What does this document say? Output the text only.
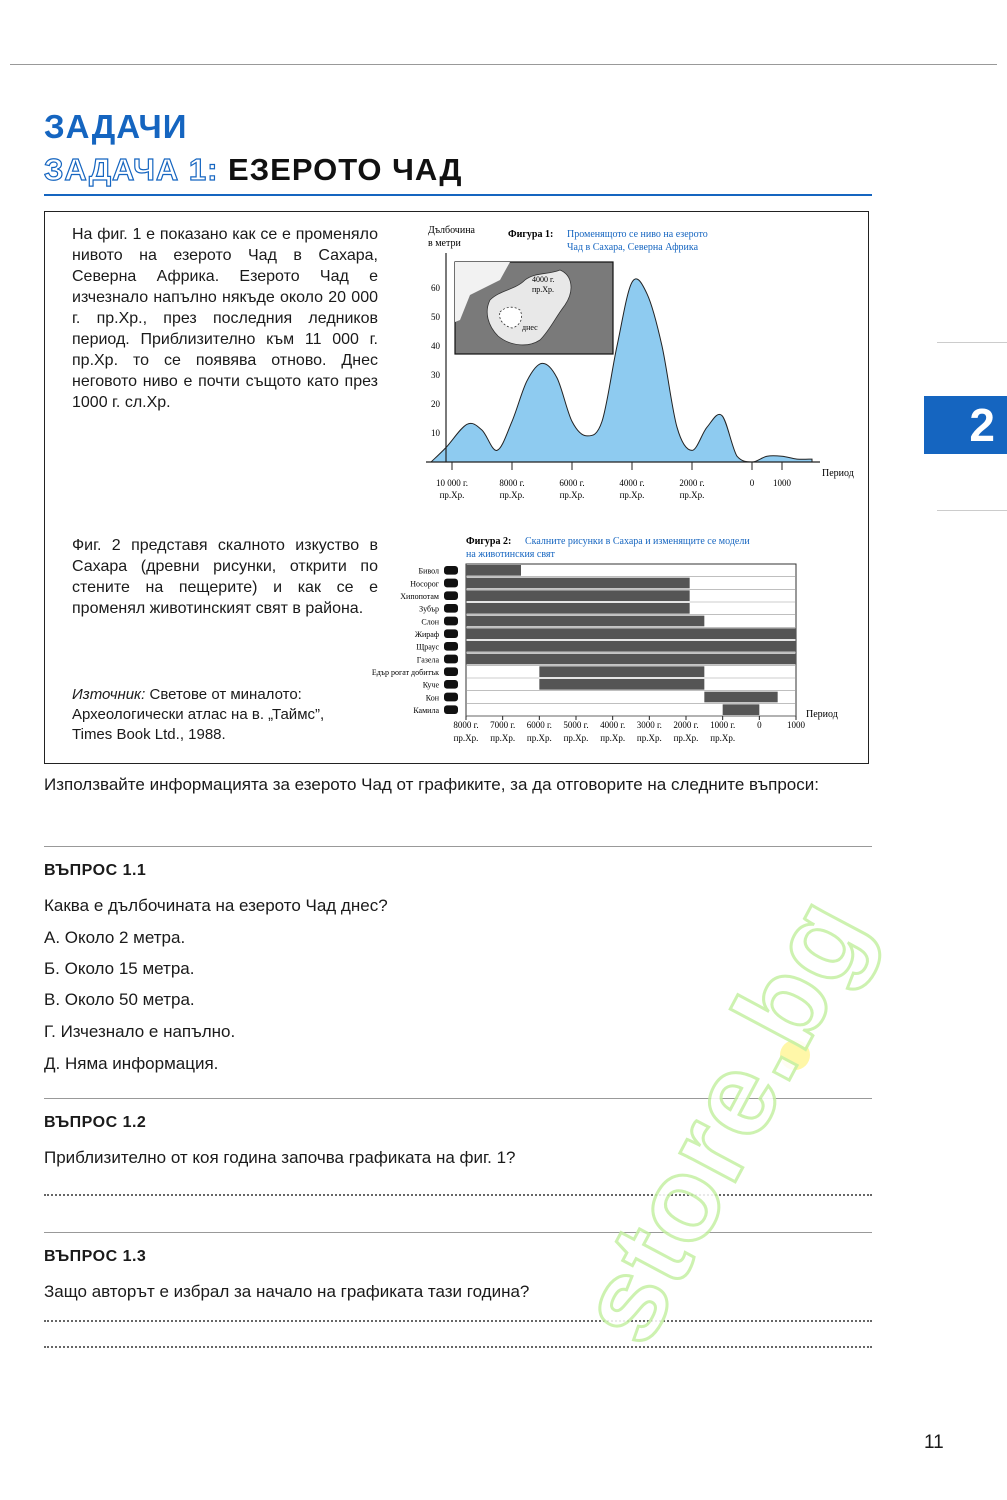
ЗАДАЧИ
ЗАДАЧА 1: ЕЗЕРОТО ЧАД
2
На фиг. 1 е показано как се е променяло нивото на езерото Чад в Сахара, Северна Африка. Езерото Чад е изчезнало напълно някъде около 20 000 г. пр.Хр., през последния ледников период. Приблизително към 11 000 г. пр.Хр. то се появява отново. Днес неговото ниво е почти същото като през 1000 г. сл.Хр.
Фиг. 2 представя скалното изкуство в Сахара (древни рисунки, открити по стените на пещерите) и как се е променял животинският свят в района.
Източник: Светове от миналото: Археологически атлас на в. „Таймс”, Times Book Ltd., 1988.
Дълбочина
в метри
Фигура 1: Променящото се ниво на езерото
Чад в Сахара, Северна Африка
10
20
30
40
50
60
10 000 г.
пр.Хр.
8000 г.
пр.Хр.
6000 г.
пр.Хр.
4000 г.
пр.Хр.
2000 г.
пр.Хр.
0 1000
4000 г.
пр.Хр.
днес
Период
Фигура 2: Скалните рисунки в Сахара и изменящите се модели
на животинския свят
Бивол
Носорог
Хипопотам
Зубър
Слон
Жираф
Щраус
Газела
Едър рогат добитък
Куче
Кон
Камила	Период
8000 г.
пр.Хр.
7000 г.
пр.Хр.
6000 г.
пр.Хр.
5000 г.
пр.Хр.
4000 г.
пр.Хр.
3000 г.
пр.Хр.
2000 г.
пр.Хр.
1000 г.
пр.Хр.
0	1000
Използвайте информацията за езерото Чад от графиките, за да отговорите на следните въпроси:
ВЪПРОС 1.1
Каква е дълбочината на езерото Чад днес?
А. Около 2 метра.
Б. Около 15 метра.
В. Около 50 метра.
Г. Изчезнало е напълно.
Д. Няма информация.
ВЪПРОС 1.2
Приблизително от коя година започва графиката на фиг. 1?
ВЪПРОС 1.3
Защо авторът е избрал за начало на графиката тази година?
11
store.bg
